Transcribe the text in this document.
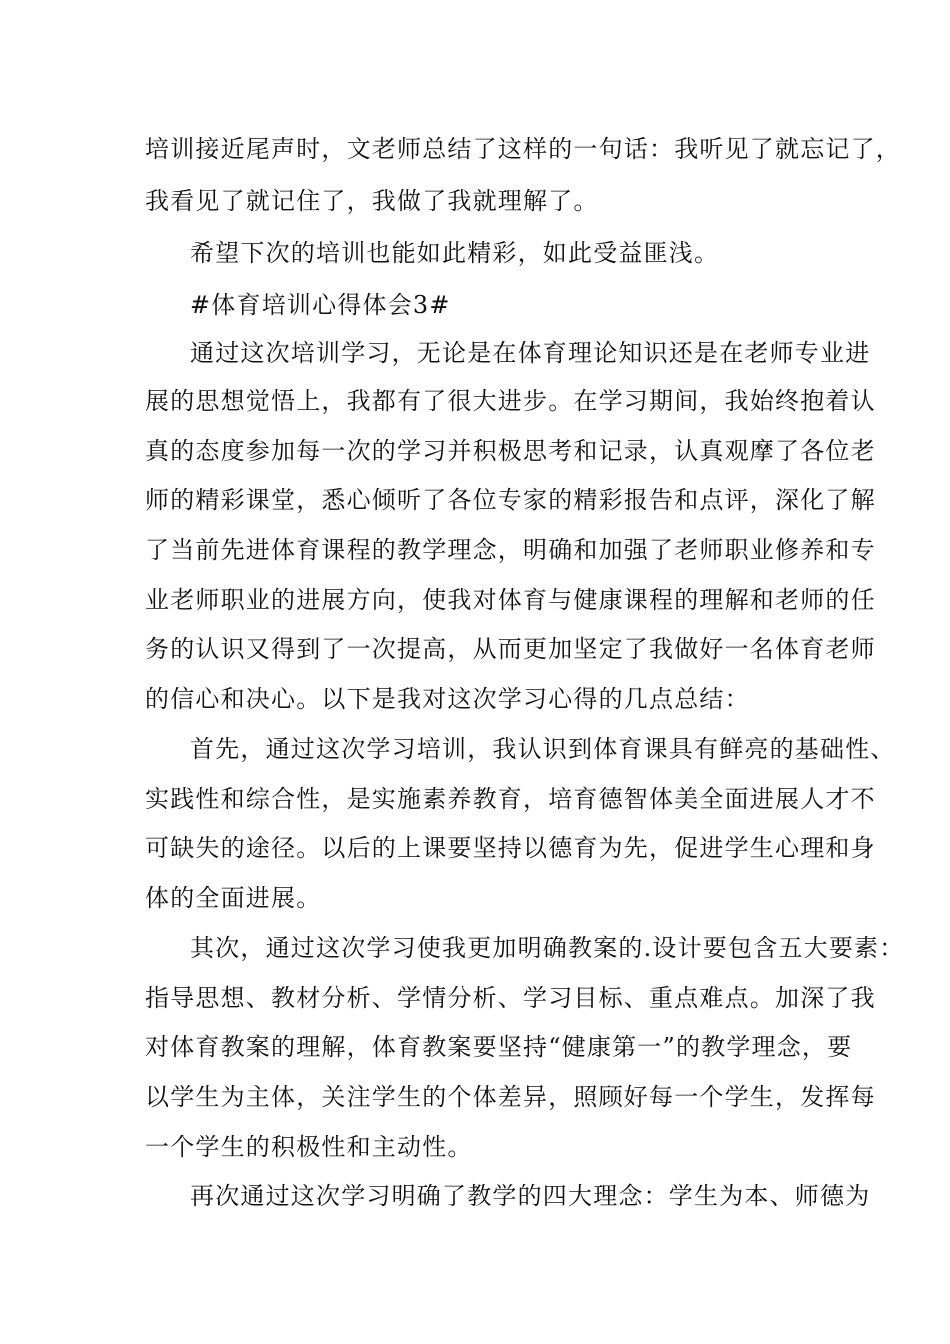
培训接近尾声时，文老师总结了这样的一句话：我听见了就忘记了，
我看见了就记住了，我做了我就理解了。
希望下次的培训也能如此精彩，如此受益匪浅。
#体育培训心得体会3#
通过这次培训学习，无论是在体育理论知识还是在老师专业进
展的思想觉悟上，我都有了很大进步。在学习期间，我始终抱着认
真的态度参加每一次的学习并积极思考和记录，认真观摩了各位老
师的精彩课堂，悉心倾听了各位专家的精彩报告和点评，深化了解
了当前先进体育课程的教学理念，明确和加强了老师职业修养和专
业老师职业的进展方向，使我对体育与健康课程的理解和老师的任
务的认识又得到了一次提高，从而更加坚定了我做好一名体育老师
的信心和决心。以下是我对这次学习心得的几点总结：
首先，通过这次学习培训，我认识到体育课具有鲜亮的基础性、
实践性和综合性，是实施素养教育，培育德智体美全面进展人才不
可缺失的途径。以后的上课要坚持以德育为先，促进学生心理和身
体的全面进展。
其次，通过这次学习使我更加明确教案的.设计要包含五大要素：
指导思想、教材分析、学情分析、学习目标、重点难点。加深了我
对体育教案的理解，体育教案要坚持“健康第一”的教学理念，要
以学生为主体，关注学生的个体差异，照顾好每一个学生，发挥每
一个学生的积极性和主动性。
再次通过这次学习明确了教学的四大理念：学生为本、师德为
